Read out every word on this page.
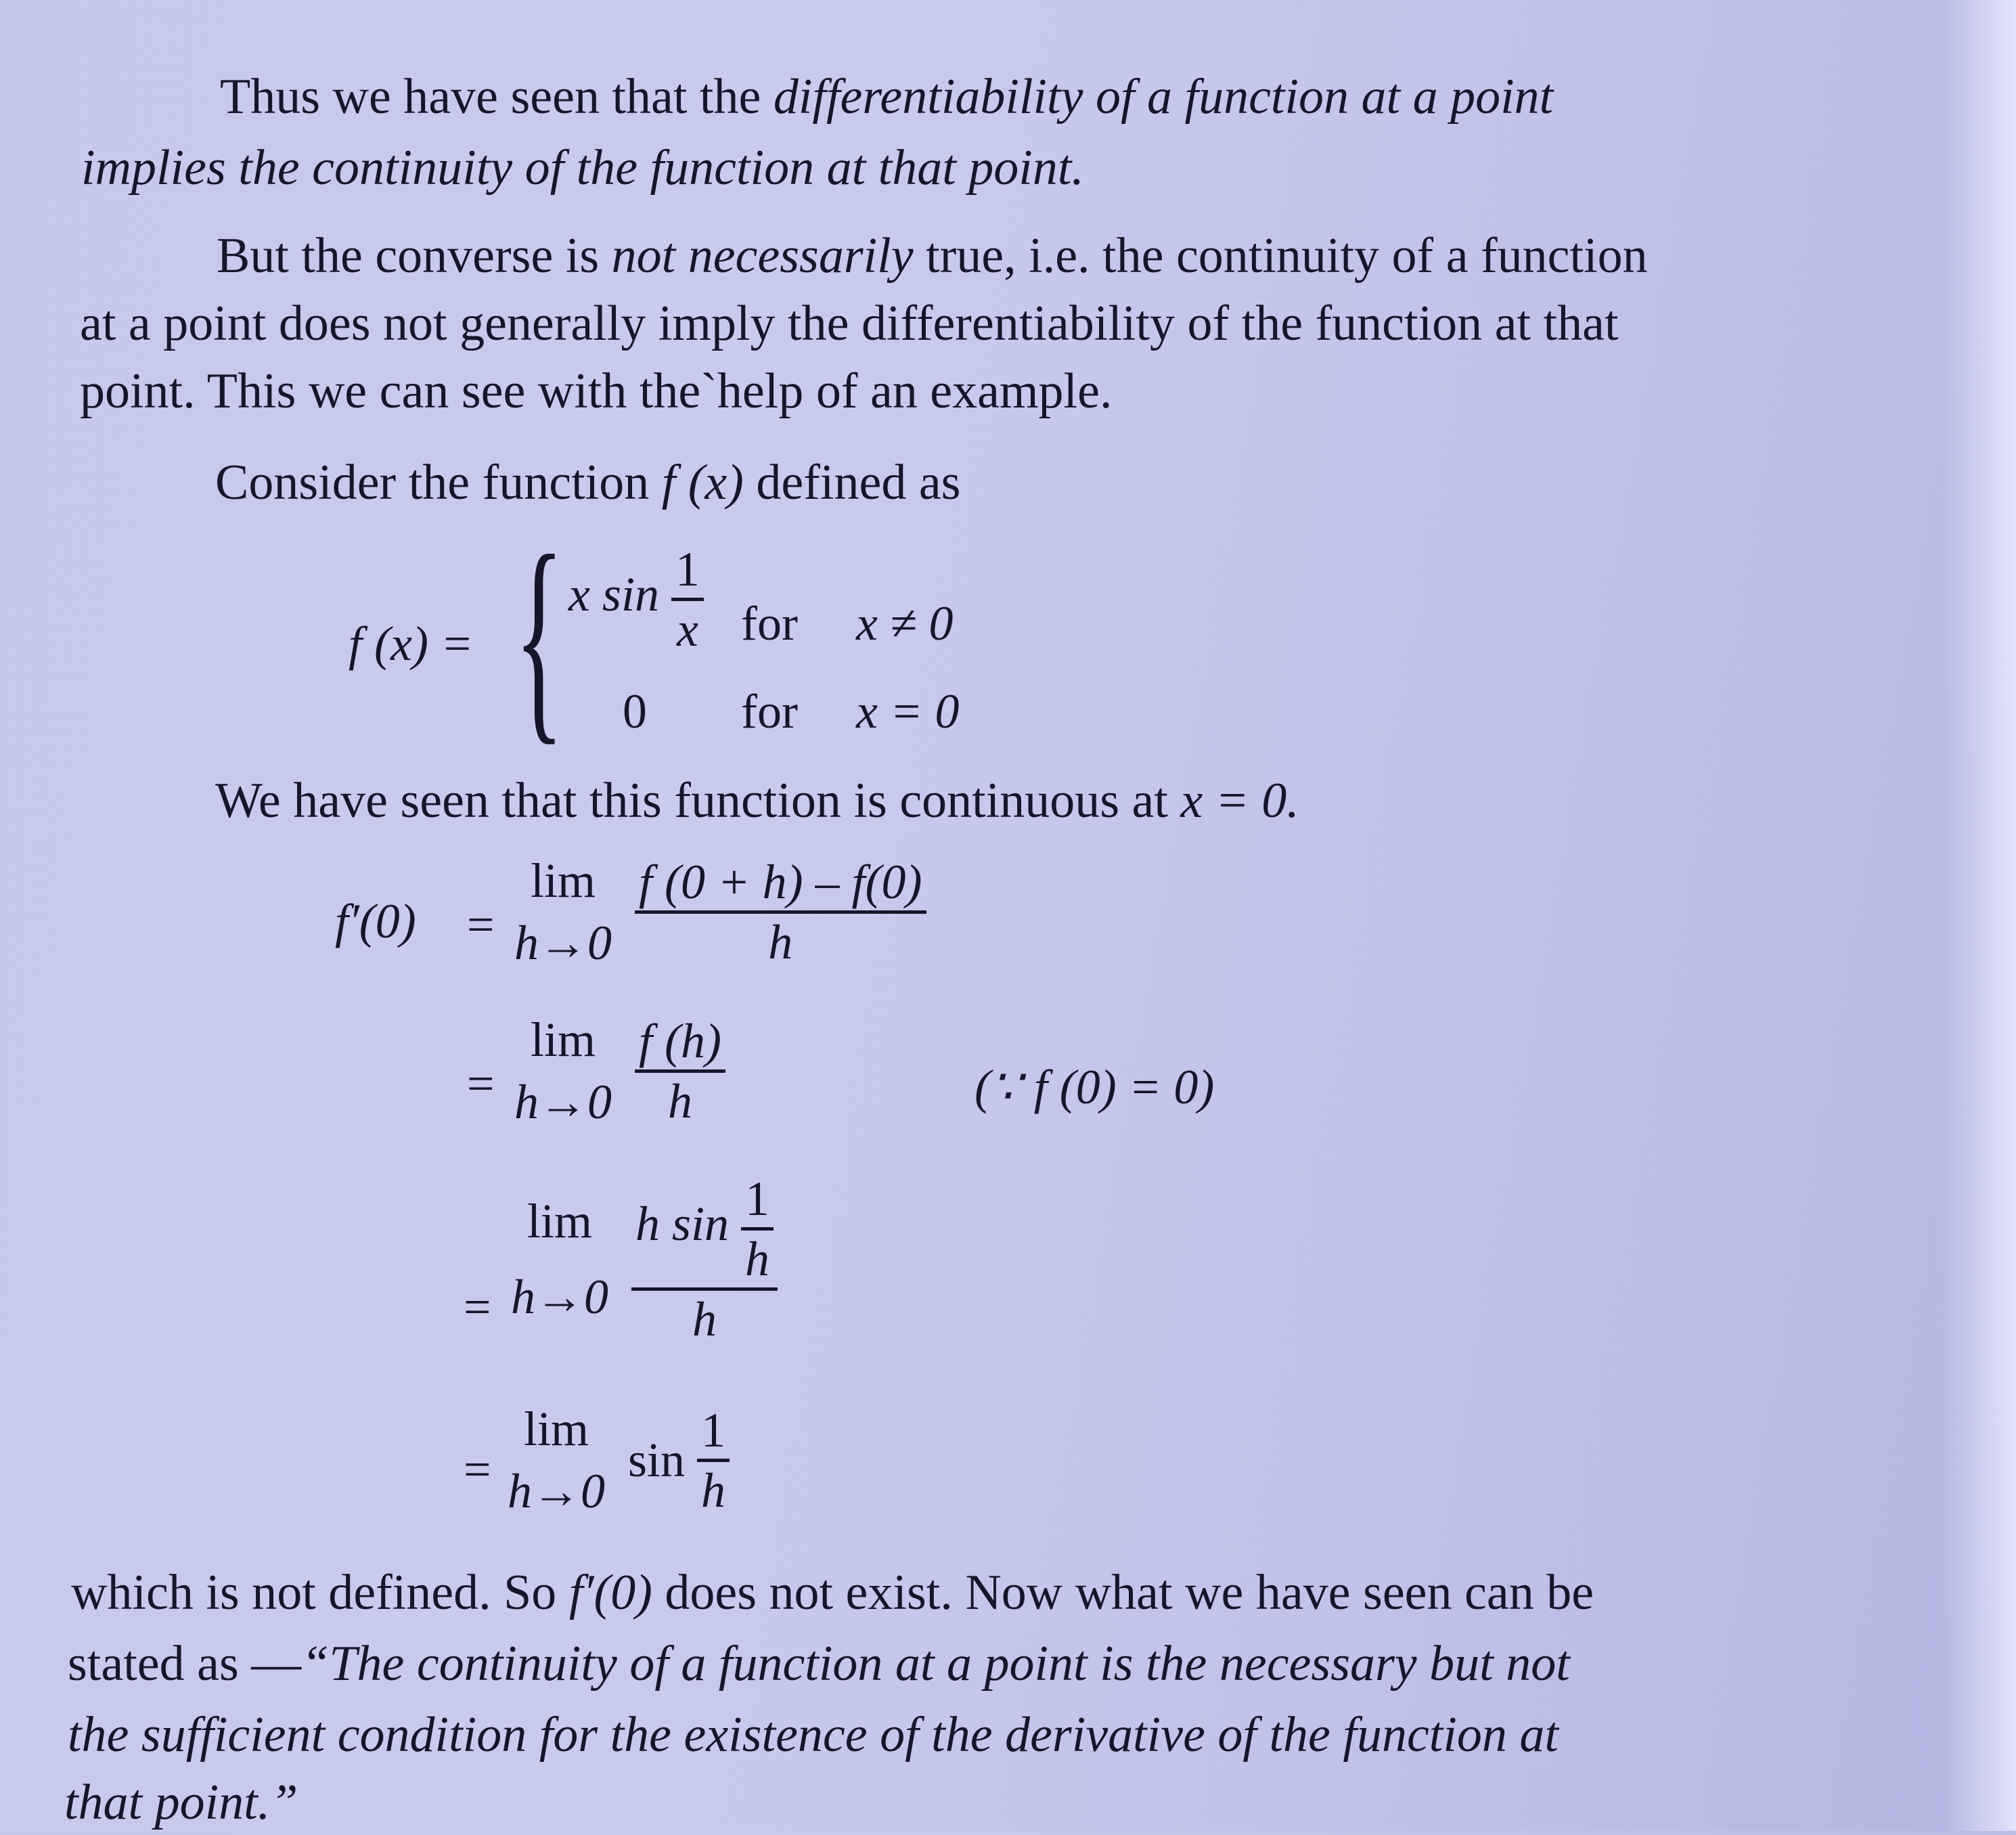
Thus we have seen that the differentiability of a function at a point
implies the continuity of the function at that point.
But the converse is not necessarily true, i.e. the continuity of a function
at a point does not generally imply the differentiability of the function at that
point. This we can see with the`help of an example.
Consider the function f (x) defined as
f (x) = { x $\sin \frac{1}{x}$ for x ≠ 0
0 for x = 0
We have seen that this function is continuous at x = 0.
f′(0) =
lim
h→0
$\frac{f (0 + h) - f(0)}{h}$
=
lim
h→0
$\frac{f (h)}{h}$	(∵ f (0) = 0)
=
lim
h→0
$\frac{h \sin \frac{1}{h}}{h}$
=
lim
h→0
$\sin \frac{1}{h}$
which is not defined. So f′(0) does not exist. Now what we have seen can be
stated as —“The continuity of a function at a point is the necessary but not
the sufficient condition for the existence of the derivative of the function at
that point.”
